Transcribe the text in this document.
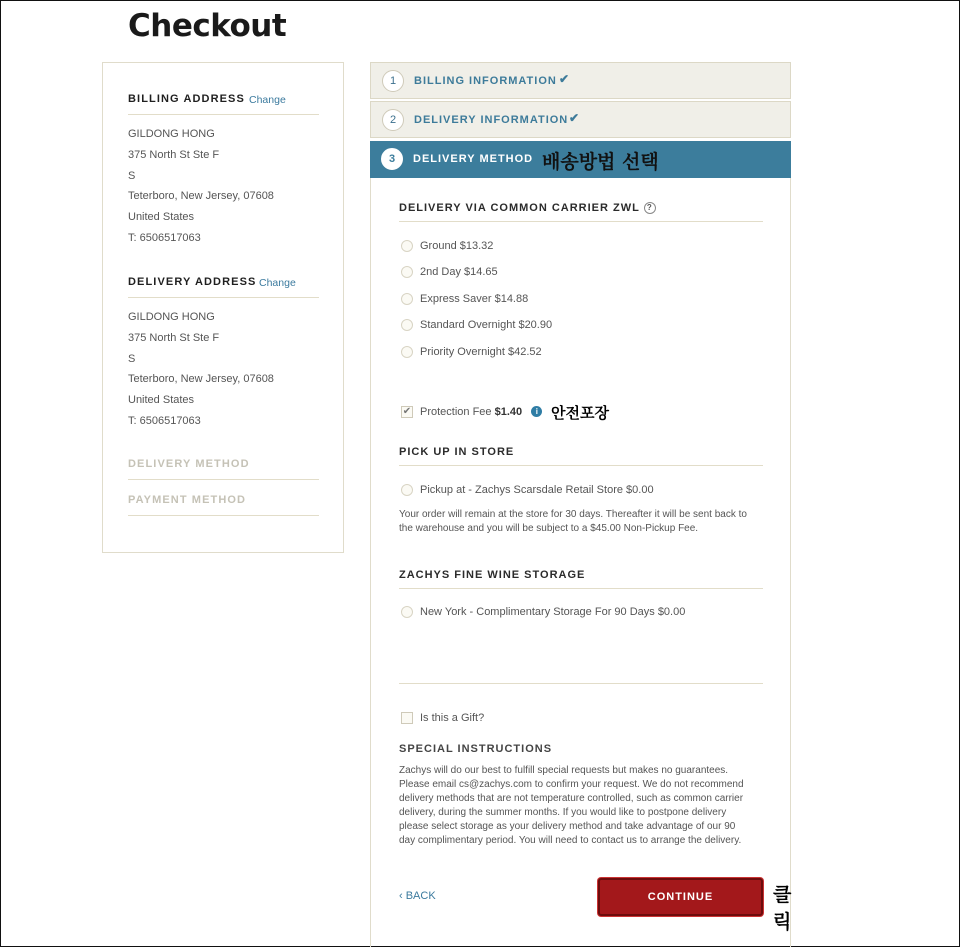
Checkout
BILLING ADDRESS Change
GILDONG HONG
375 North St Ste F
S
Teterboro, New Jersey, 07608
United States
T: 6506517063
DELIVERY ADDRESS Change
GILDONG HONG
375 North St Ste F
S
Teterboro, New Jersey, 07608
United States
T: 6506517063
DELIVERY METHOD
PAYMENT METHOD
1	BILLING INFORMATION ✔
2	DELIVERY INFORMATION ✔
3	DELIVERY METHOD 배송방법 선택
DELIVERY VIA COMMON CARRIER ZWL ?
Ground $13.32
2nd Day $14.65
Express Saver $14.88
Standard Overnight $20.90
Priority Overnight $42.52
✔ Protection Fee $1.40 i 안전포장
PICK UP IN STORE
Pickup at - Zachys Scarsdale Retail Store $0.00
Your order will remain at the store for 30 days. Thereafter it will be sent back to
the warehouse and you will be subject to a $45.00 Non-Pickup Fee.
ZACHYS FINE WINE STORAGE
New York - Complimentary Storage For 90 Days $0.00
Is this a Gift?
SPECIAL INSTRUCTIONS
Zachys will do our best to fulfill special requests but makes no guarantees.
Please email cs@zachys.com to confirm your request. We do not recommend
delivery methods that are not temperature controlled, such as common carrier
delivery, during the summer months. If you would like to postpone delivery
please select storage as your delivery method and take advantage of our 90
day complimentary period. You will need to contact us to arrange the delivery.
‹ BACK	CONTINUE	클릭
